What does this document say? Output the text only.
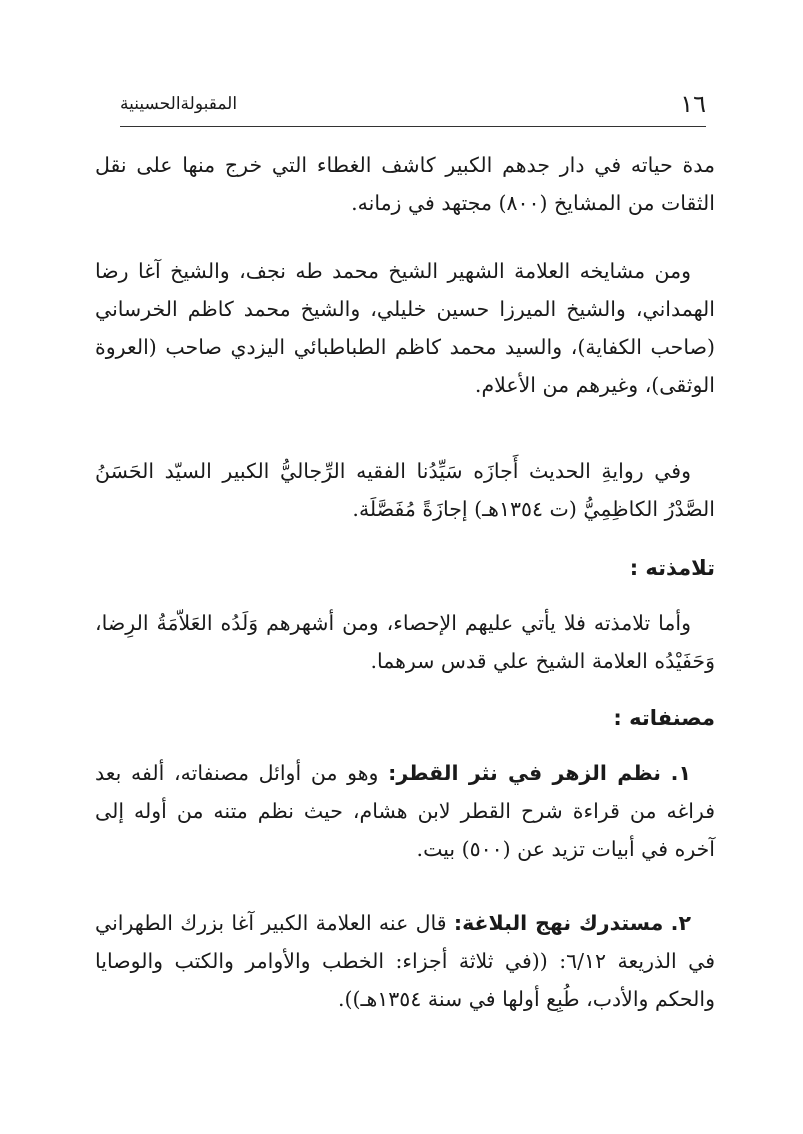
١٦
المقبولةالحسينية

مدة حياته في دار جدهم الكبير كاشف الغطاء التي خرج منها على نقل الثقات من المشايخ (٨٠٠) مجتهد في زمانه.

ومن مشايخه العلامة الشهير الشيخ محمد طه نجف، والشيخ آغا رضا الهمداني، والشيخ الميرزا حسين خليلي، والشيخ محمد كاظم الخرساني (صاحب الكفاية)، والسيد محمد كاظم الطباطبائي اليزدي صاحب (العروة الوثقى)، وغيرهم من الأعلام.

وفي روايةِ الحديث أَجازَه سَيِّدُنا الفقيه الرِّجاليُّ الكبير السيّد الحَسَنُ الصَّدْرُ الكاظِمِيُّ (ت ١٣٥٤هـ) إجازَةً مُفَصَّلَة.

تلامذته :

وأما تلامذته فلا يأتي عليهم الإحصاء، ومن أشهرهم وَلَدُه العَلاّمَةُ الرِضا، وَحَفَيْدُه العلامة الشيخ علي قدس سرهما.

مصنفاته :

١. نظم الزهر في نثر القطر: وهو من أوائل مصنفاته، ألفه بعد فراغه من قراءة شرح القطر لابن هشام، حيث نظم متنه من أوله إلى آخره في أبيات تزيد عن (٥٠٠) بيت.

٢. مستدرك نهج البلاغة: قال عنه العلامة الكبير آغا بزرك الطهراني في الذريعة ٦/١٢: ((في ثلاثة أجزاء: الخطب والأوامر والكتب والوصايا والحكم والأدب، طُبِع أولها في سنة ١٣٥٤هـ)).
